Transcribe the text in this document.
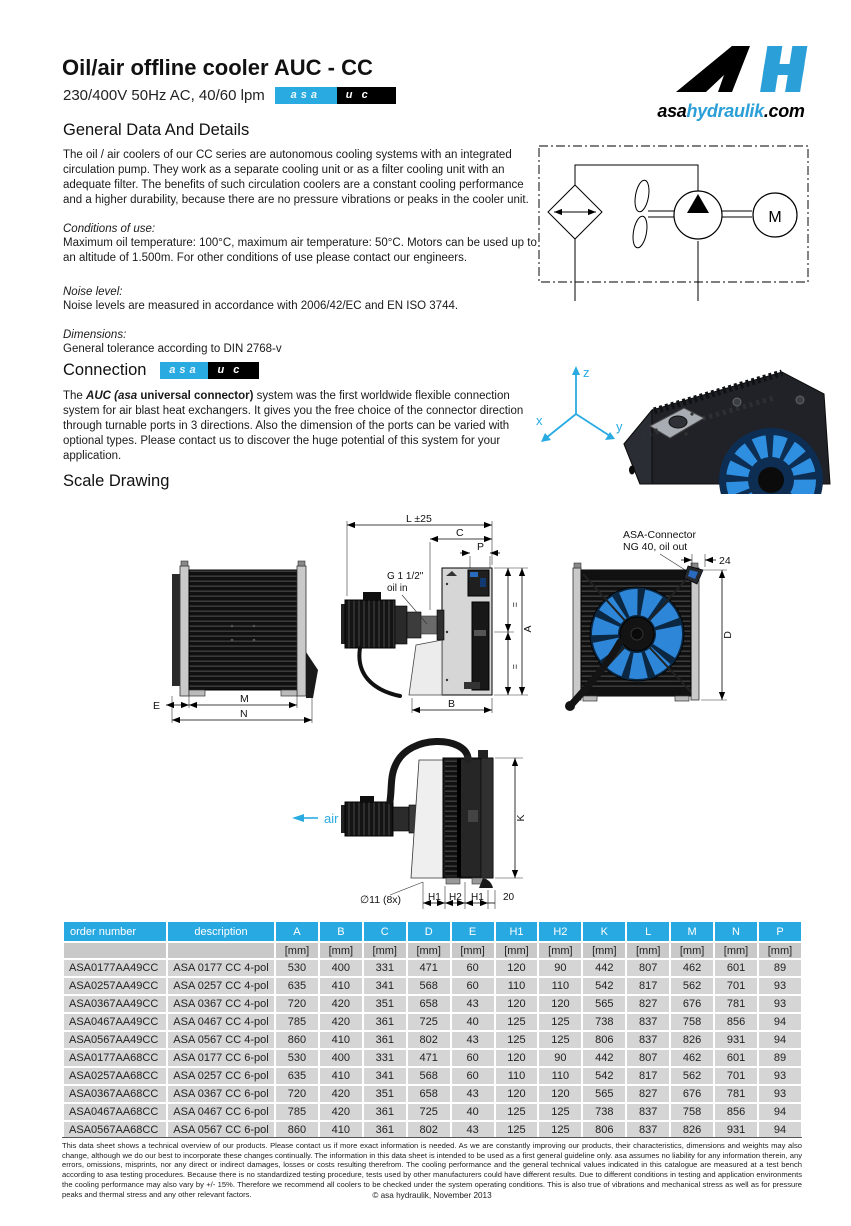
Oil/air offline cooler AUC - CC
230/400V 50Hz AC, 40/60 lpm	asa	u c
asahydraulik.com
General Data And Details
The oil / air coolers of our CC series are autonomous cooling systems with an integrated circulation pump. They work as a separate cooling unit or as a filter cooling unit with an adequate filter. The benefits of such circulation coolers are a constant cooling performance and a higher durability, because there are no pressure vibrations or peaks in the cooler unit.
Conditions of use:
Maximum oil temperature: 100°C, maximum air temperature: 50°C. Motors can be used up to an altitude of 1.500m. For other conditions of use please contact our engineers.
Noise level:
Noise levels are measured in accordance with 2006/42/EC and EN ISO 3744.
Dimensions:
General tolerance according to DIN 2768-v
M
Connection	asa	u c
The AUC (asa universal connector) system was the first worldwide flexible connection system for air blast heat exchangers. It gives you the free choice of the connector direction through turnable ports in 3 directions. Also the dimension of the ports can be varied with optional types. Please contact us to discover the huge potential of this system for your application.
x	y
z
Scale Drawing
E
M
N
L ±25
C
P
G 1 1/2"
oil in
=
=
A
B
ASA-Connector
NG 40, oil out
24
D
air	K
H1 H2 H1 20
∅11 (8x)
order number	description	A	B	C	D	E	H1	H2	K	L	M	N	P
		[mm]	[mm]	[mm]	[mm]	[mm]	[mm]	[mm]	[mm]	[mm]	[mm]	[mm]	[mm]
ASA0177AA49CC	ASA 0177 CC 4-pol	530	400	331	471	60	120	90	442	807	462	601	89
ASA0257AA49CC	ASA 0257 CC 4-pol	635	410	341	568	60	110	110	542	817	562	701	93
ASA0367AA49CC	ASA 0367 CC 4-pol	720	420	351	658	43	120	120	565	827	676	781	93
ASA0467AA49CC	ASA 0467 CC 4-pol	785	420	361	725	40	125	125	738	837	758	856	94
ASA0567AA49CC	ASA 0567 CC 4-pol	860	410	361	802	43	125	125	806	837	826	931	94
ASA0177AA68CC	ASA 0177 CC 6-pol	530	400	331	471	60	120	90	442	807	462	601	89
ASA0257AA68CC	ASA 0257 CC 6-pol	635	410	341	568	60	110	110	542	817	562	701	93
ASA0367AA68CC	ASA 0367 CC 6-pol	720	420	351	658	43	120	120	565	827	676	781	93
ASA0467AA68CC	ASA 0467 CC 6-pol	785	420	361	725	40	125	125	738	837	758	856	94
ASA0567AA68CC	ASA 0567 CC 6-pol	860	410	361	802	43	125	125	806	837	826	931	94
This data sheet shows a technical overview of our products. Please contact us if more exact information is needed. As we are constantly improving our products, their characteristics, dimensions and weights may also change, although we do our best to incorporate these changes continually. The information in this data sheet is intended to be used as a first general guideline only. asa assumes no liability for any information therein, any errors, omissions, misprints, nor any direct or indirect damages, losses or costs resulting therefrom. The cooling performance and the general technical values indicated in this catalogue are measured at a test bench according to asa testing procedures. Because there is no standardized testing procedure, tests used by other manufacturers could have different results. Due to different conditions in testing and application environments the cooling performance may also vary by +/- 15%. Therefore we recommend all coolers to be checked under the system operating conditions. This is also true of vibrations and mechanical stress as well as for pressure peaks and thermal stress and any other relevant factors.	© asa hydraulik, November 2013
